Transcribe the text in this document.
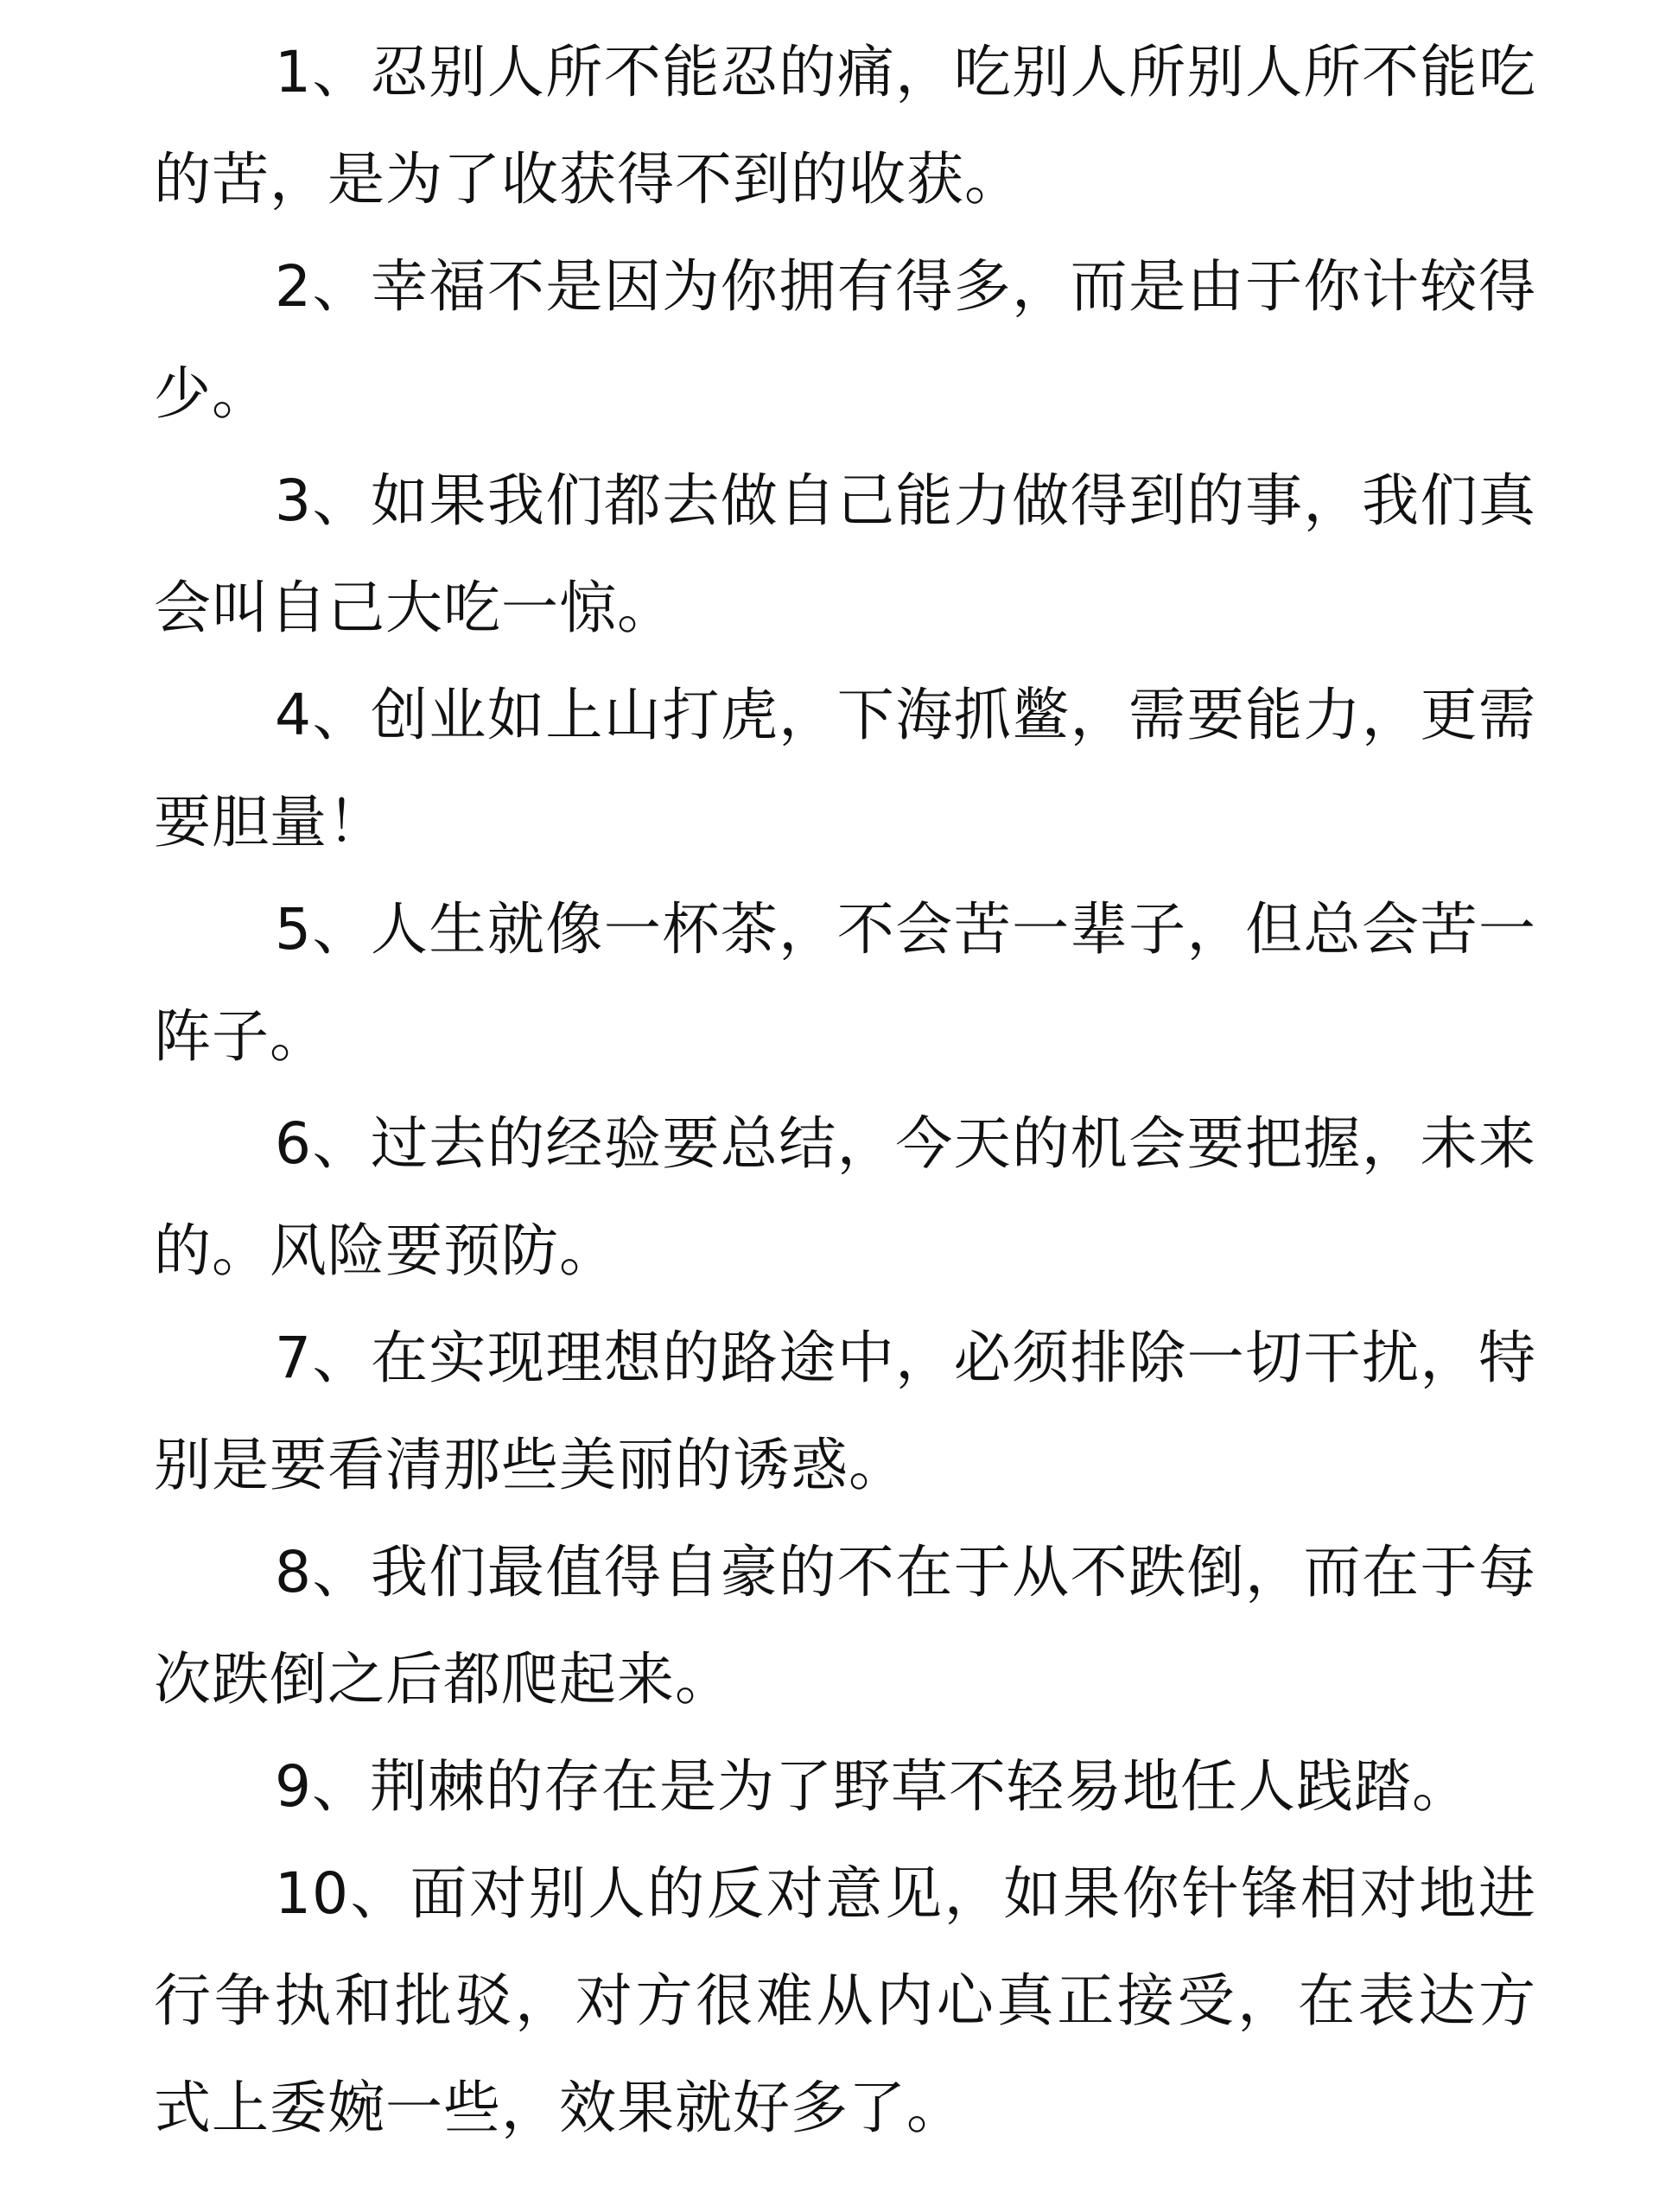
1、忍别人所不能忍的痛，吃别人所别人所不能吃的苦，是为了收获得不到的收获。

2、幸福不是因为你拥有得多，而是由于你计较得少。

3、如果我们都去做自己能力做得到的事，我们真会叫自己大吃一惊。

4、创业如上山打虎，下海抓鳖，需要能力，更需要胆量！

5、人生就像一杯茶，不会苦一辈子，但总会苦一阵子。

6、过去的经验要总结，今天的机会要把握，未来的。风险要预防。

7、在实现理想的路途中，必须排除一切干扰，特别是要看清那些美丽的诱惑。

8、我们最值得自豪的不在于从不跌倒，而在于每次跌倒之后都爬起来。

9、荆棘的存在是为了野草不轻易地任人践踏。

10、面对别人的反对意见，如果你针锋相对地进行争执和批驳，对方很难从内心真正接受，在表达方式上委婉一些，效果就好多了。
